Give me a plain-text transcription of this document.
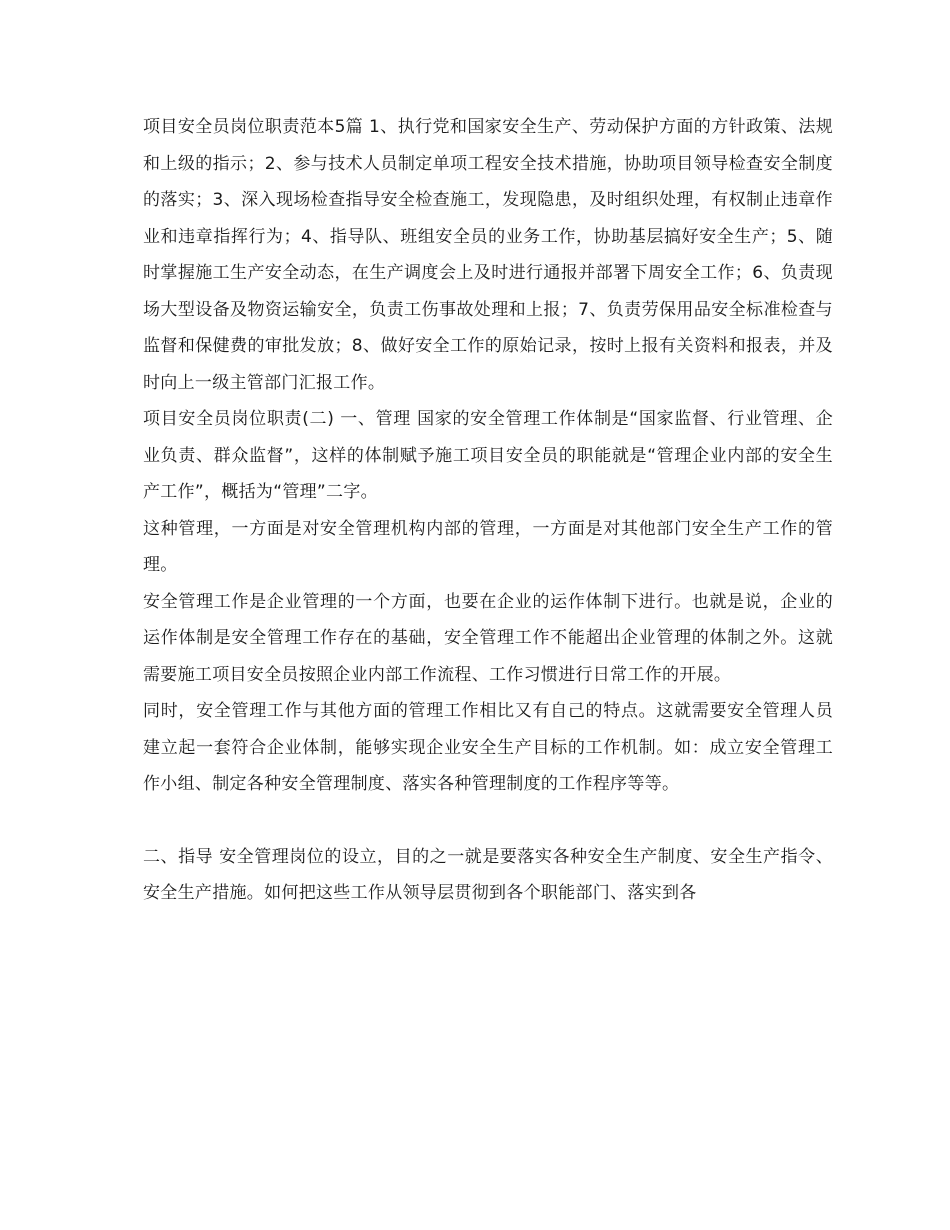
项目安全员岗位职责范本5篇 1、执行党和国家安全生产、劳动保护方面的方针政策、法规和上级的指示；2、参与技术人员制定单项工程安全技术措施，协助项目领导检查安全制度的落实；3、深入现场检查指导安全检查施工，发现隐患，及时组织处理，有权制止违章作业和违章指挥行为；4、指导队、班组安全员的业务工作，协助基层搞好安全生产；5、随时掌握施工生产安全动态，在生产调度会上及时进行通报并部署下周安全工作；6、负责现场大型设备及物资运输安全，负责工伤事故处理和上报；7、负责劳保用品安全标准检查与监督和保健费的审批发放；8、做好安全工作的原始记录，按时上报有关资料和报表，并及时向上一级主管部门汇报工作。

项目安全员岗位职责(二) 一、管理 国家的安全管理工作体制是“国家监督、行业管理、企业负责、群众监督”，这样的体制赋予施工项目安全员的职能就是“管理企业内部的安全生产工作”，概括为“管理”二字。

这种管理，一方面是对安全管理机构内部的管理，一方面是对其他部门安全生产工作的管理。

安全管理工作是企业管理的一个方面，也要在企业的运作体制下进行。也就是说，企业的运作体制是安全管理工作存在的基础，安全管理工作不能超出企业管理的体制之外。这就需要施工项目安全员按照企业内部工作流程、工作习惯进行日常工作的开展。

同时，安全管理工作与其他方面的管理工作相比又有自己的特点。这就需要安全管理人员建立起一套符合企业体制，能够实现企业安全生产目标的工作机制。如：成立安全管理工作小组、制定各种安全管理制度、落实各种管理制度的工作程序等等。

二、指导 安全管理岗位的设立，目的之一就是要落实各种安全生产制度、安全生产指令、安全生产措施。如何把这些工作从领导层贯彻到各个职能部门、落实到各
